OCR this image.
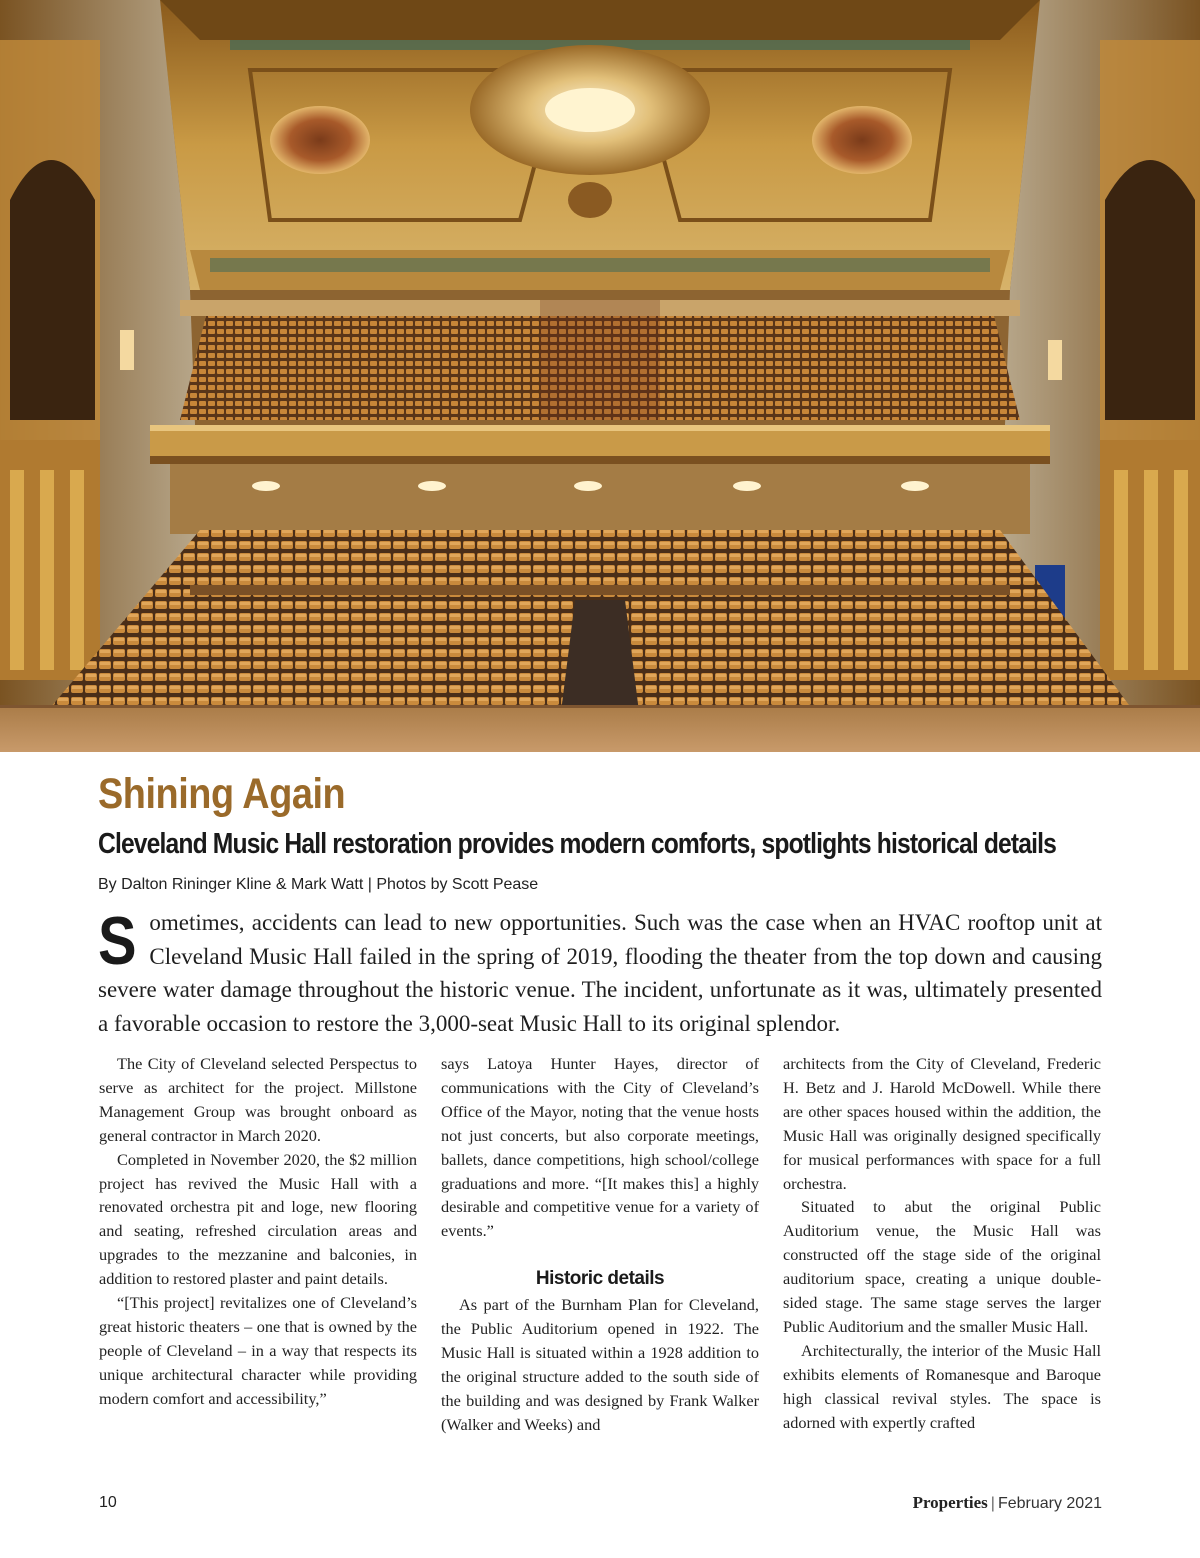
Shining Again
Cleveland Music Hall restoration provides modern comforts, spotlights historical details
By Dalton Rininger Kline & Mark Watt | Photos by Scott Pease

Sometimes, accidents can lead to new opportunities. Such was the case when an HVAC rooftop unit at Cleveland Music Hall failed in the spring of 2019, flooding the theater from the top down and causing severe water damage throughout the historic venue. The incident, unfortunate as it was, ultimately presented a favorable occasion to restore the 3,000-seat Music Hall to its original splendor.

The City of Cleveland selected Perspectus to serve as architect for the project. Millstone Management Group was brought onboard as general contractor in March 2020.

Completed in November 2020, the $2 million project has revived the Music Hall with a renovated orchestra pit and loge, new flooring and seating, refreshed circulation areas and upgrades to the mezzanine and balconies, in addition to restored plaster and paint details.

“[This project] revitalizes one of Cleveland’s great historic theaters – one that is owned by the people of Cleveland – in a way that respects its unique architectural character while providing modern comfort and accessibility,”

says Latoya Hunter Hayes, director of communications with the City of Cleveland’s Office of the Mayor, noting that the venue hosts not just concerts, but also corporate meetings, ballets, dance competitions, high school/college graduations and more. “[It makes this] a highly desirable and competitive venue for a variety of events.”

Historic details

As part of the Burnham Plan for Cleveland, the Public Auditorium opened in 1922. The Music Hall is situated within a 1928 addition to the original structure added to the south side of the building and was designed by Frank Walker (Walker and Weeks) and

architects from the City of Cleveland, Frederic H. Betz and J. Harold McDowell. While there are other spaces housed within the addition, the Music Hall was originally designed specifically for musical performances with space for a full orchestra.

Situated to abut the original Public Auditorium venue, the Music Hall was constructed off the stage side of the original auditorium space, creating a unique double-sided stage. The same stage serves the larger Public Auditorium and the smaller Music Hall.

Architecturally, the interior of the Music Hall exhibits elements of Romanesque and Baroque high classical revival styles. The space is adorned with expertly crafted

10	Properties | February 2021
